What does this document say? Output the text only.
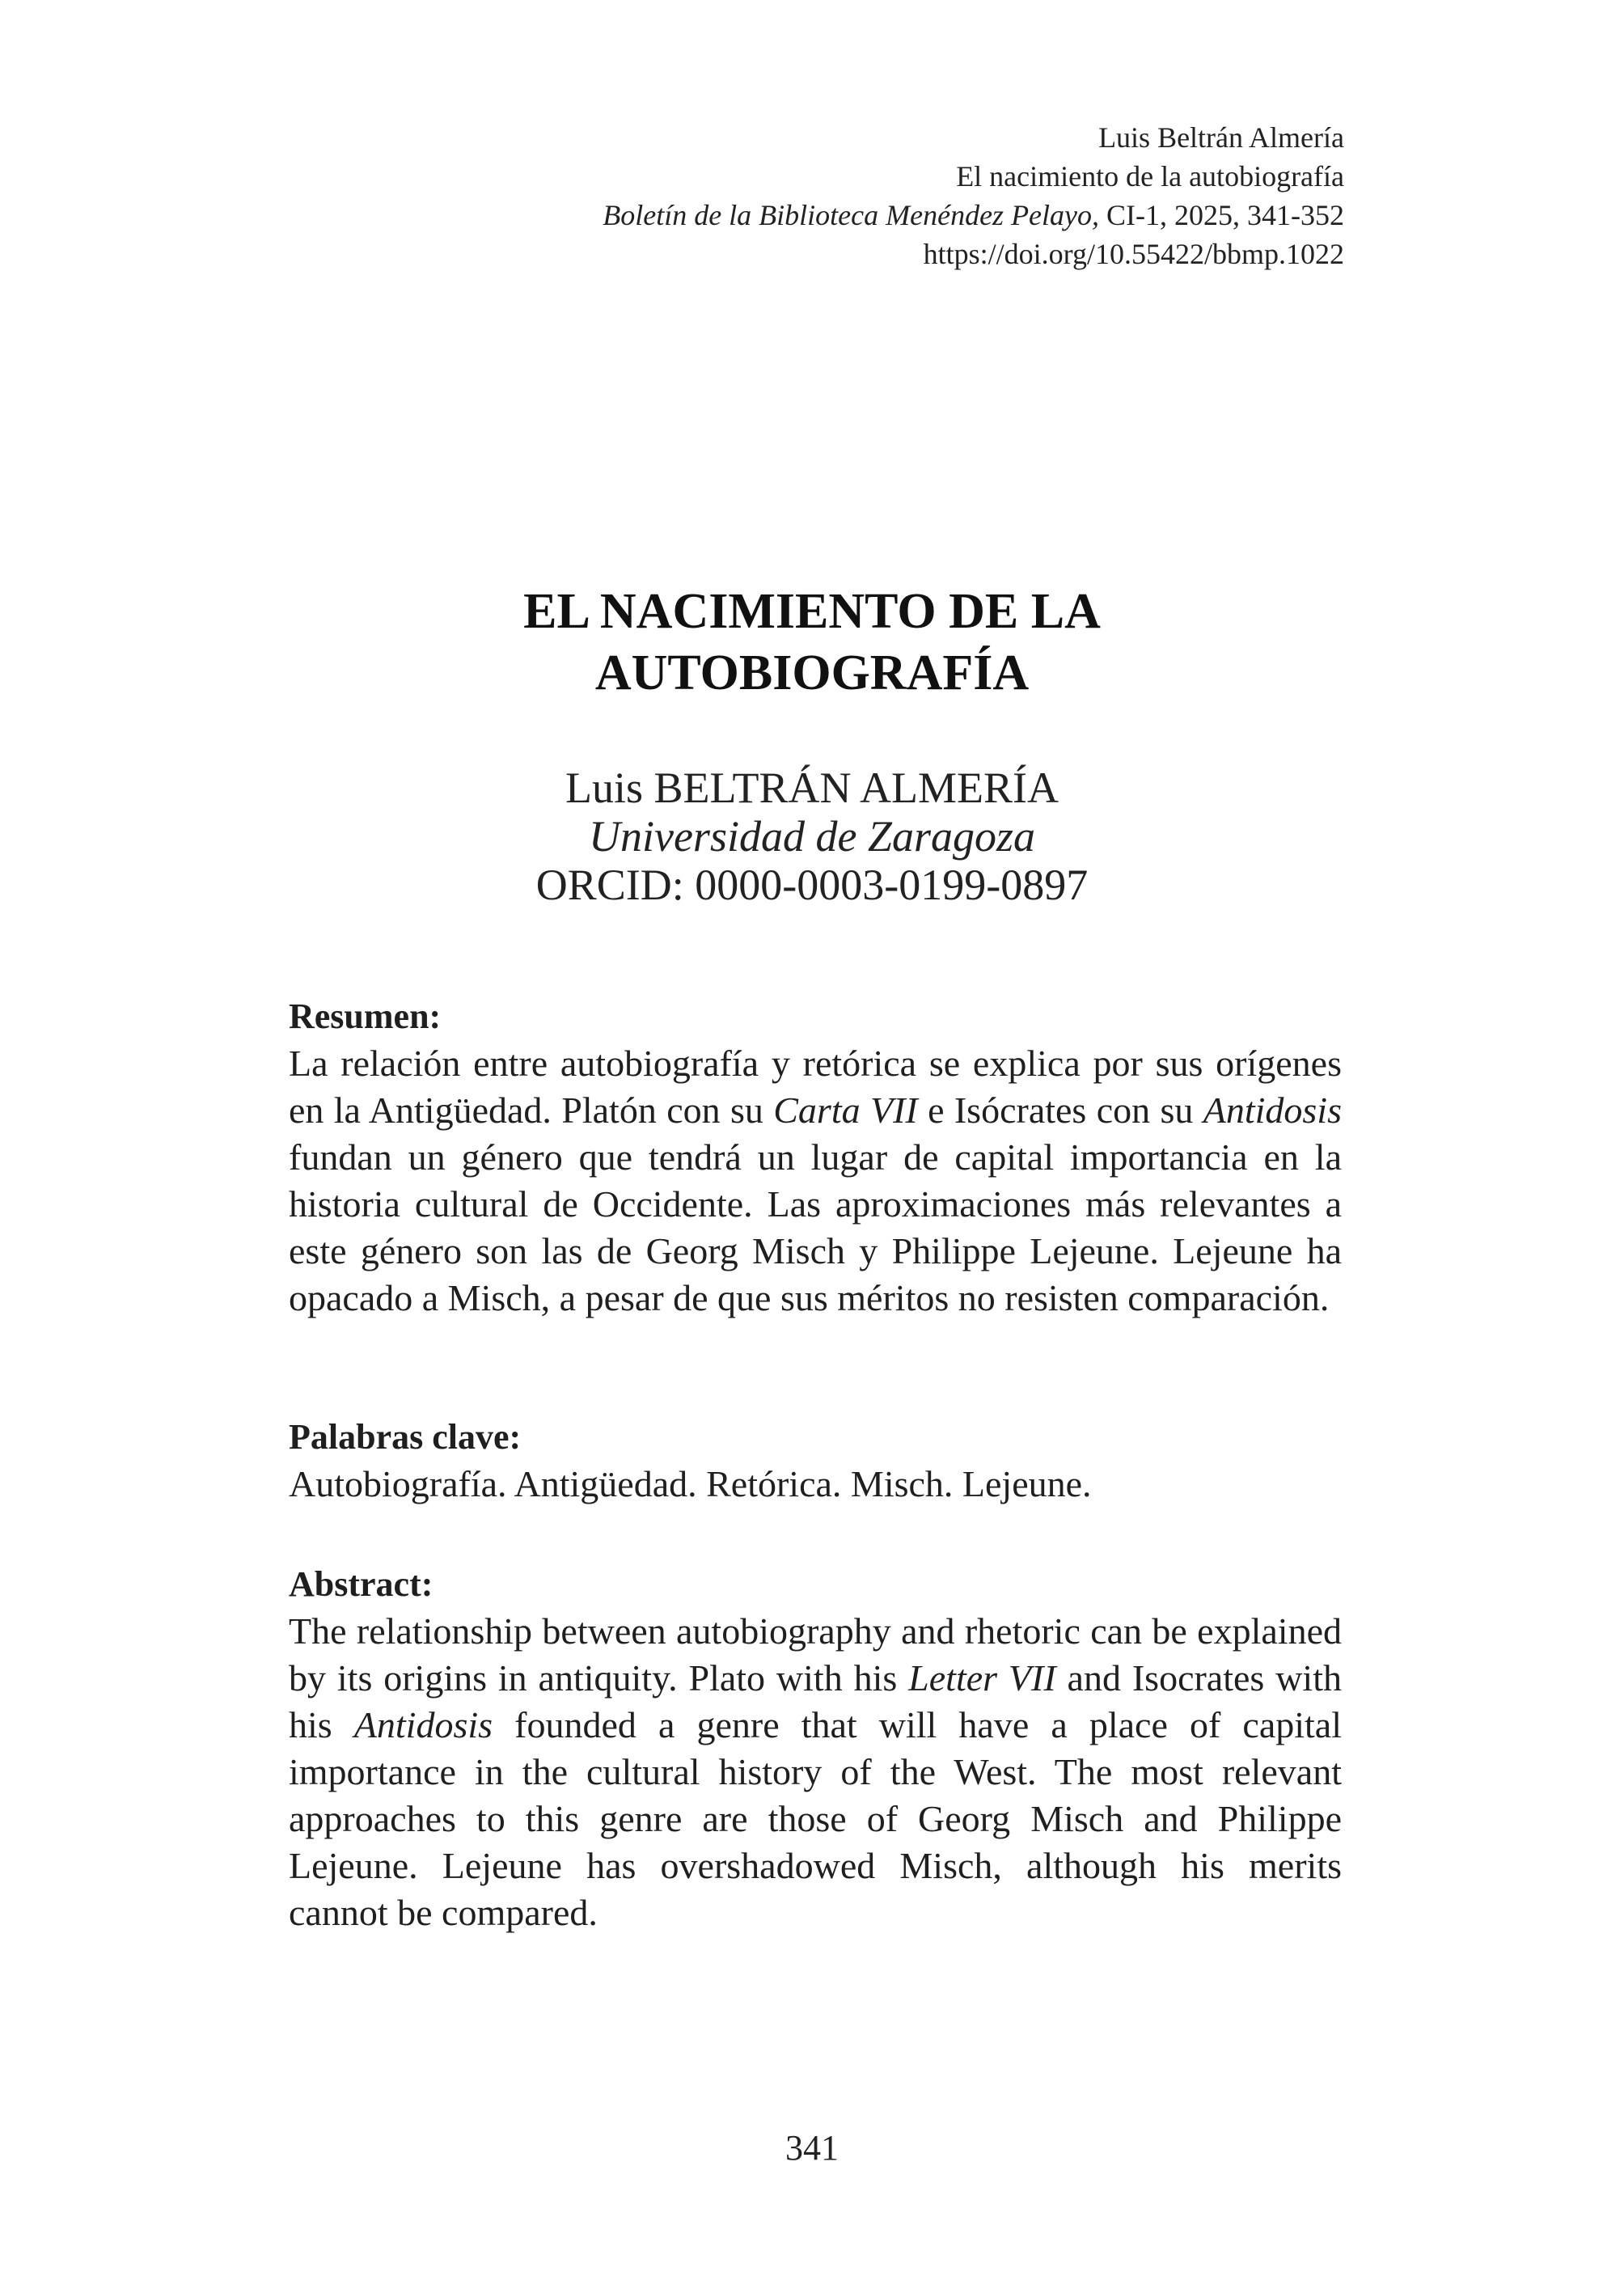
Luis Beltrán Almería
El nacimiento de la autobiografía
Boletín de la Biblioteca Menéndez Pelayo, CI-1, 2025, 341-352
https://doi.org/10.55422/bbmp.1022
EL NACIMIENTO DE LA
AUTOBIOGRAFÍA
Luis BELTRÁN ALMERÍA
Universidad de Zaragoza
ORCID: 0000-0003-0199-0897

Resumen:

La relación entre autobiografía y retórica se explica por sus orígenes en la Antigüedad. Platón con su Carta VII e Isócrates con su Antidosis fundan un género que tendrá un lugar de capital importancia en la historia cultural de Occidente. Las aproximaciones más relevantes a este género son las de Georg Misch y Philippe Lejeune. Lejeune ha opacado a Misch, a pesar de que sus méritos no resisten comparación.

Palabras clave:

Autobiografía. Antigüedad. Retórica. Misch. Lejeune.

Abstract:

The relationship between autobiography and rhetoric can be explained by its origins in antiquity. Plato with his Letter VII and Isocrates with his Antidosis founded a genre that will have a place of capital importance in the cultural history of the West. The most relevant approaches to this genre are those of Georg Misch and Philippe Lejeune. Lejeune has overshadowed Misch, although his merits cannot be compared.

341
